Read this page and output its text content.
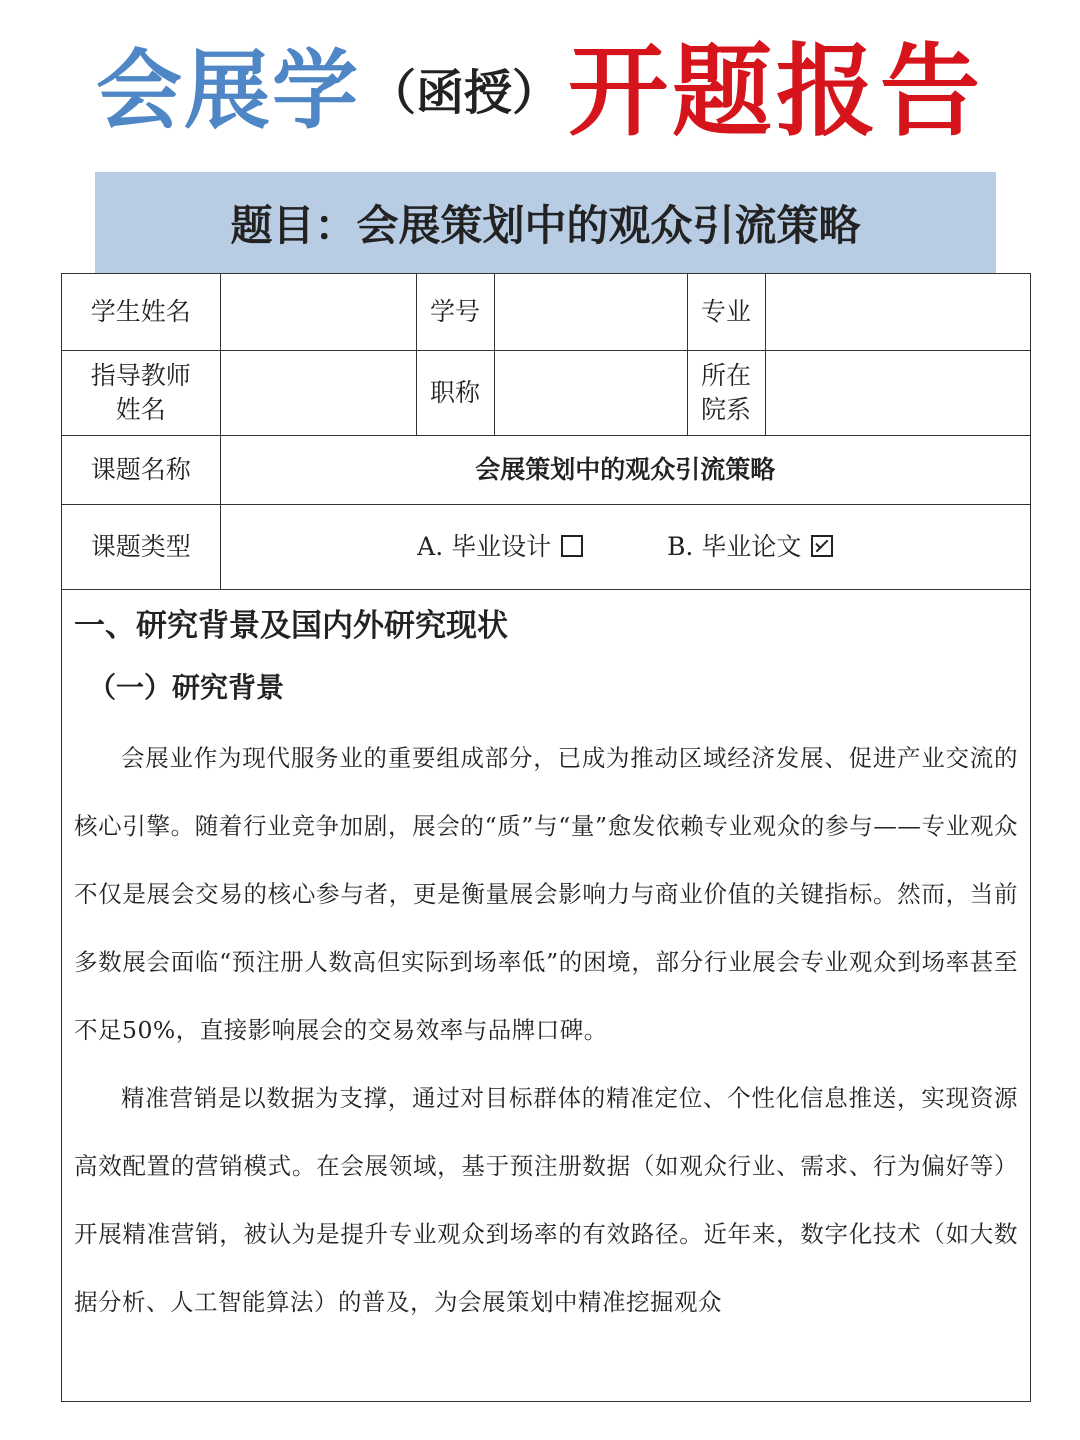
会展学 （函授） 开题报告
题目：会展策划中的观众引流策略
学生姓名		学号		专业	
指导教师姓名		职称		所在院系	
课题名称	会展策划中的观众引流策略				
课题类型	A. 毕业设计 B. 毕业论文				
一、研究背景及国内外研究现状
（一）研究背景

会展业作为现代服务业的重要组成部分，已成为推动区域经济发展、促进产业交流的核心引擎。随着行业竞争加剧，展会的“质”与“量”愈发依赖专业观众的参与——专业观众不仅是展会交易的核心参与者，更是衡量展会影响力与商业价值的关键指标。然而，当前多数展会面临“预注册人数高但实际到场率低”的困境，部分行业展会专业观众到场率甚至不足50%，直接影响展会的交易效率与品牌口碑。

精准营销是以数据为支撑，通过对目标群体的精准定位、个性化信息推送，实现资源高效配置的营销模式。在会展领域，基于预注册数据（如观众行业、需求、行为偏好等）开展精准营销，被认为是提升专业观众到场率的有效路径。近年来，数字化技术（如大数据分析、人工智能算法）的普及，为会展策划中精准挖掘观众
